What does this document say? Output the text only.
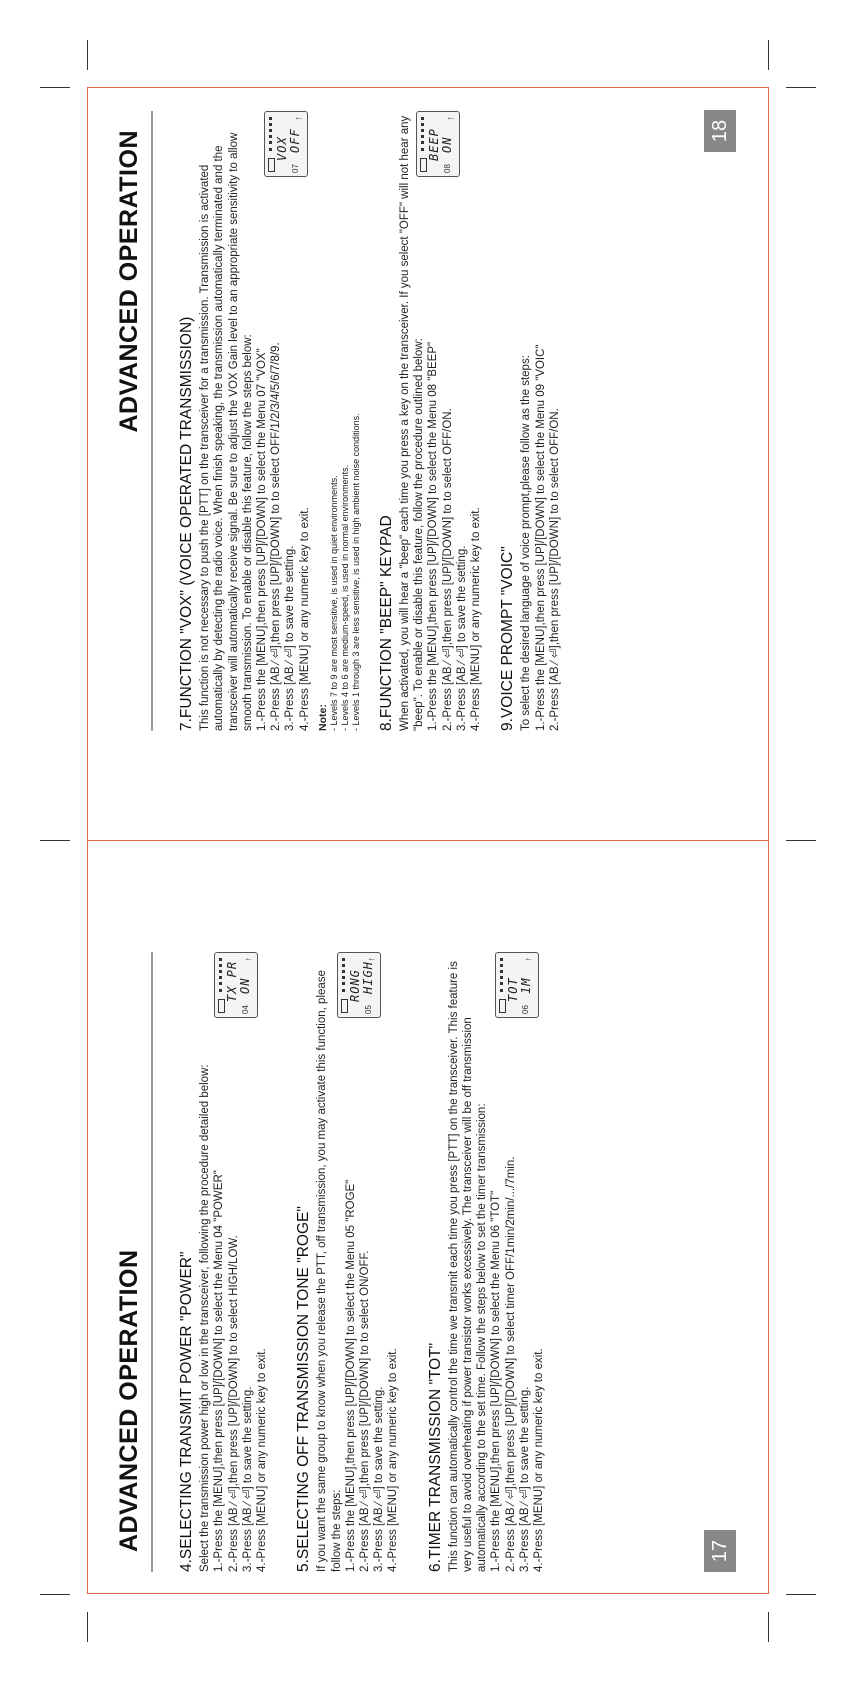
ADVANCED OPERATION 4.SELECTING TRANSMIT POWER "POWER" Select the transmission power high or low in the transceiver, following the procedure detailed below: 1.-Press the [MENU],then press [UP]/[DOWN] to select the Menu 04 "POWER" 2.-Press [AB ⁄ ⏎],then press [UP]/[DOWN] to to select HIGH/LOW. 3.-Press [AB ⁄ ⏎] to save the setting. 4.-Press [MENU] or any numeric key to exit.
04
TX PR ON
↑
5.SELECTING OFF TRANSMISSION TONE "ROGE" If you want the same group to know when you release the PTT, off transmission, you may activate this function, please follow the steps: 1.-Press the [MENU],then press [UP]/[DOWN] to select the Menu 05 "ROGE" 2.-Press [AB ⁄ ⏎],then press [UP]/[DOWN] to to select ON/OFF. 3.-Press [AB ⁄ ⏎] to save the setting. 4.-Press [MENU] or any numeric key to exit.
05
RONG HIGH
↑
6.TIMER TRANSMISSION "TOT" This function can automatically control the time we transmit each time you press [PTT] on the transceiver. This feature is very useful to avoid overheating if power transistor works excessively. The transceiver will be off transmission automatically according to the set time. Follow the steps below to set the timer transmission: 1.-Press the [MENU],then press [UP]/[DOWN] to select the Menu 06 "TOT" 2.-Press [AB ⁄ ⏎],then press [UP]/[DOWN] to select timer OFF/1min/2min/.../7min. 3.-Press [AB ⁄ ⏎] to save the setting. 4.-Press [MENU] or any numeric key to exit.
06
TOT 1M
↑
17
ADVANCED OPERATION
7.FUNCTION "VOX" (VOICE OPERATED TRANSMISSION) This function is not necessary to push the [PTT] on the transceiver for a transmission. Transmission is activated automatically by detecting the radio voice. When finish speaking, the transmission automatically terminated and the transceiver will automatically receive signal. Be sure to adjust the VOX Gain level to an appropriate sensitivity to allow smooth transmission. To enable or disable this feature, follow the steps below: 1.-Press the [MENU],then press [UP]/[DOWN] to select the Menu 07 "VOX" 2.-Press [AB ⁄ ⏎],then press [UP]/[DOWN] to to select OFF/1/2/3/4/5/6/7/8/9. 3.-Press [AB ⁄ ⏎] to save the setting. 4.-Press [MENU] or any numeric key to exit.
07
VOX OFF
↑
Note: - Levels 7 to 9 are most sensitive, is used in quiet environments. - Levels 4 to 6 are medium-speed, is used in normal environments. - Levels 1 through 3 are less sensitive, is used in high ambient noise conditions. 8.FUNCTION "BEEP" KEYPAD When activated, you will hear a "beep" each time you press a key on the transceiver. If you select "OFF" will not hear any "beep". To enable or disable this feature, follow the procedure outlined below: 1.-Press the [MENU],then press [UP]/[DOWN] to select the Menu 08 "BEEP" 2.-Press [AB ⁄ ⏎],then press [UP]/[DOWN] to to select OFF/ON. 3.-Press [AB ⁄ ⏎] to save the setting. 4.-Press [MENU] or any numeric key to exit.
08
BEEP ON
↑
9.VOICE PROMPT "VOIC" To select the desired language of voice prompt,please follow as the steps: 1.-Press the [MENU],then press [UP]/[DOWN] to select the Menu 09 "VOIC" 2.-Press [AB ⁄ ⏎],then press [UP]/[DOWN] to to select OFF/ON.
18
